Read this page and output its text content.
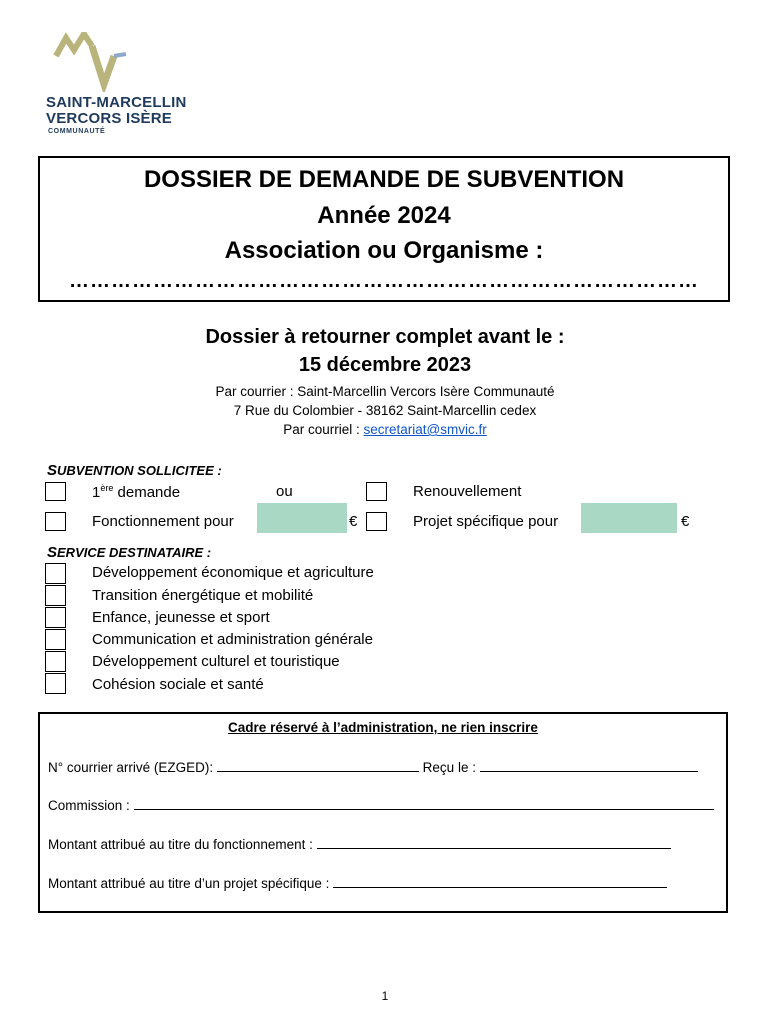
SAINT-MARCELLIN
VERCORS ISÈRE
COMMUNAUTÉ
DOSSIER DE DEMANDE DE SUBVENTION
Année 2024
Association ou Organisme :
………………………………………………………………………………
Dossier à retourner complet avant le :
15 décembre 2023
Par courrier : Saint-Marcellin Vercors Isère Communauté
7 Rue du Colombier - 38162 Saint-Marcellin cedex
Par courriel : secretariat@smvic.fr
SUBVENTION SOLLICITEE :
1ère demande	ou	Renouvellement
Fonctionnement pour	€	Projet spécifique pour	€
SERVICE DESTINATAIRE :
Développement économique et agriculture
Transition énergétique et mobilité
Enfance, jeunesse et sport
Communication et administration générale
Développement culturel et touristique
Cohésion sociale et santé
Cadre réservé à l’administration, ne rien inscrire
N° courrier arrivé (EZGED):	Reçu le :
Commission :
Montant attribué au titre du fonctionnement :
Montant attribué au titre d’un projet spécifique :
1
